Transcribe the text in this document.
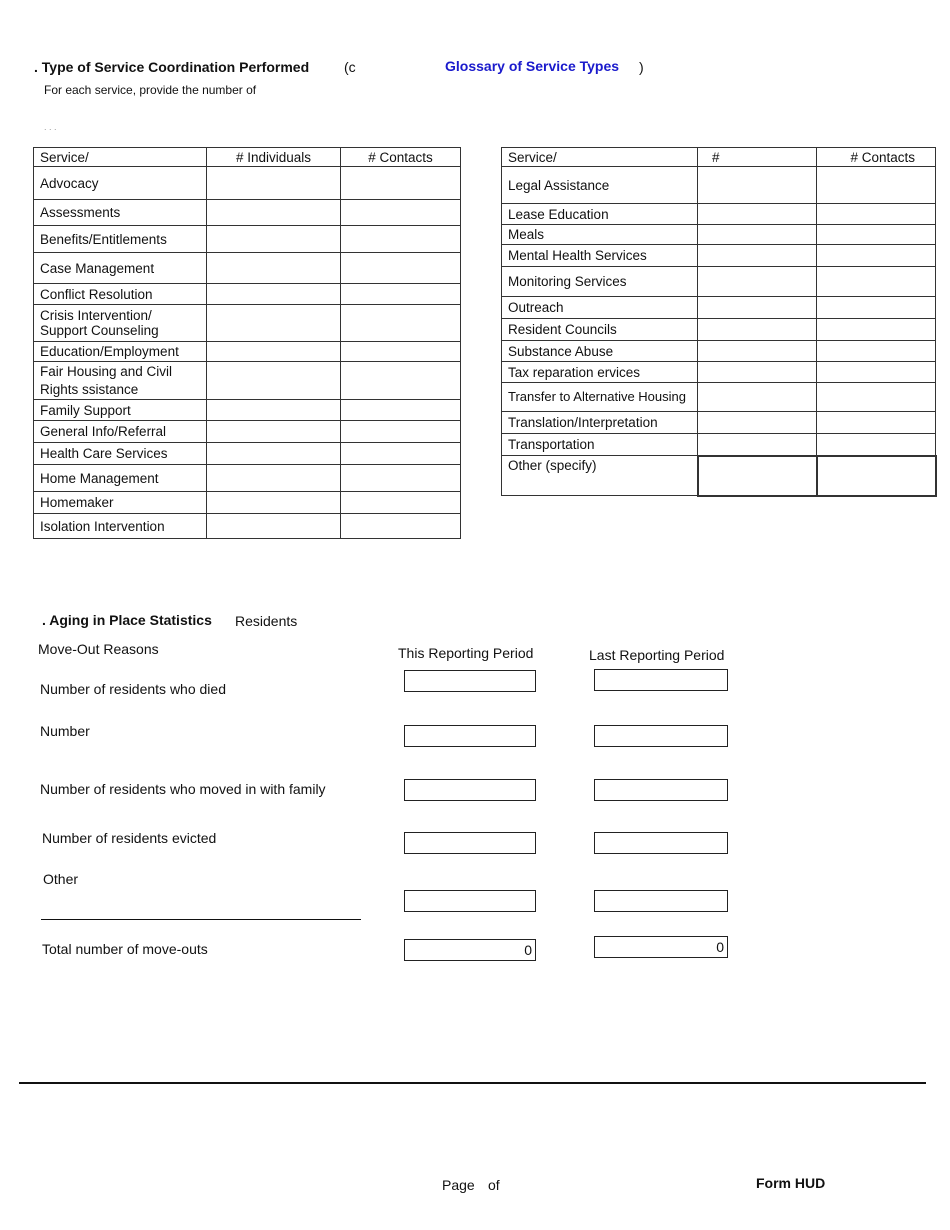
. Type of Service Coordination Performed (c	Glossary of Service Types )
For each service, provide the number of
. . .
Service/	# Individuals	# Contacts
Advocacy		
Assessments		
Benefits/Entitlements		
Case Management		
Conflict Resolution		
Crisis Intervention/ Support Counseling		
Education/Employment		
Fair Housing and Civil Rights ssistance		
Family Support		
General Info/Referral		
Health Care Services		
Home Management		
Homemaker		
Isolation Intervention		
Service/	#	# Contacts
Legal Assistance		
Lease Education		
Meals		
Mental Health Services		
Monitoring Services		
Outreach		
Resident Councils		
Substance Abuse		
Tax reparation ervices		
Transfer to Alternative Housing		
Translation/Interpretation		
Transportation		
Other (specify)		
. Aging in Place Statistics Residents
Move-Out Reasons	This Reporting Period	Last Reporting Period
Number of residents who died
Number
Number of residents who moved in with family
Number of residents evicted
Other
Total number of move-outs	0	0
Page of	Form HUD
